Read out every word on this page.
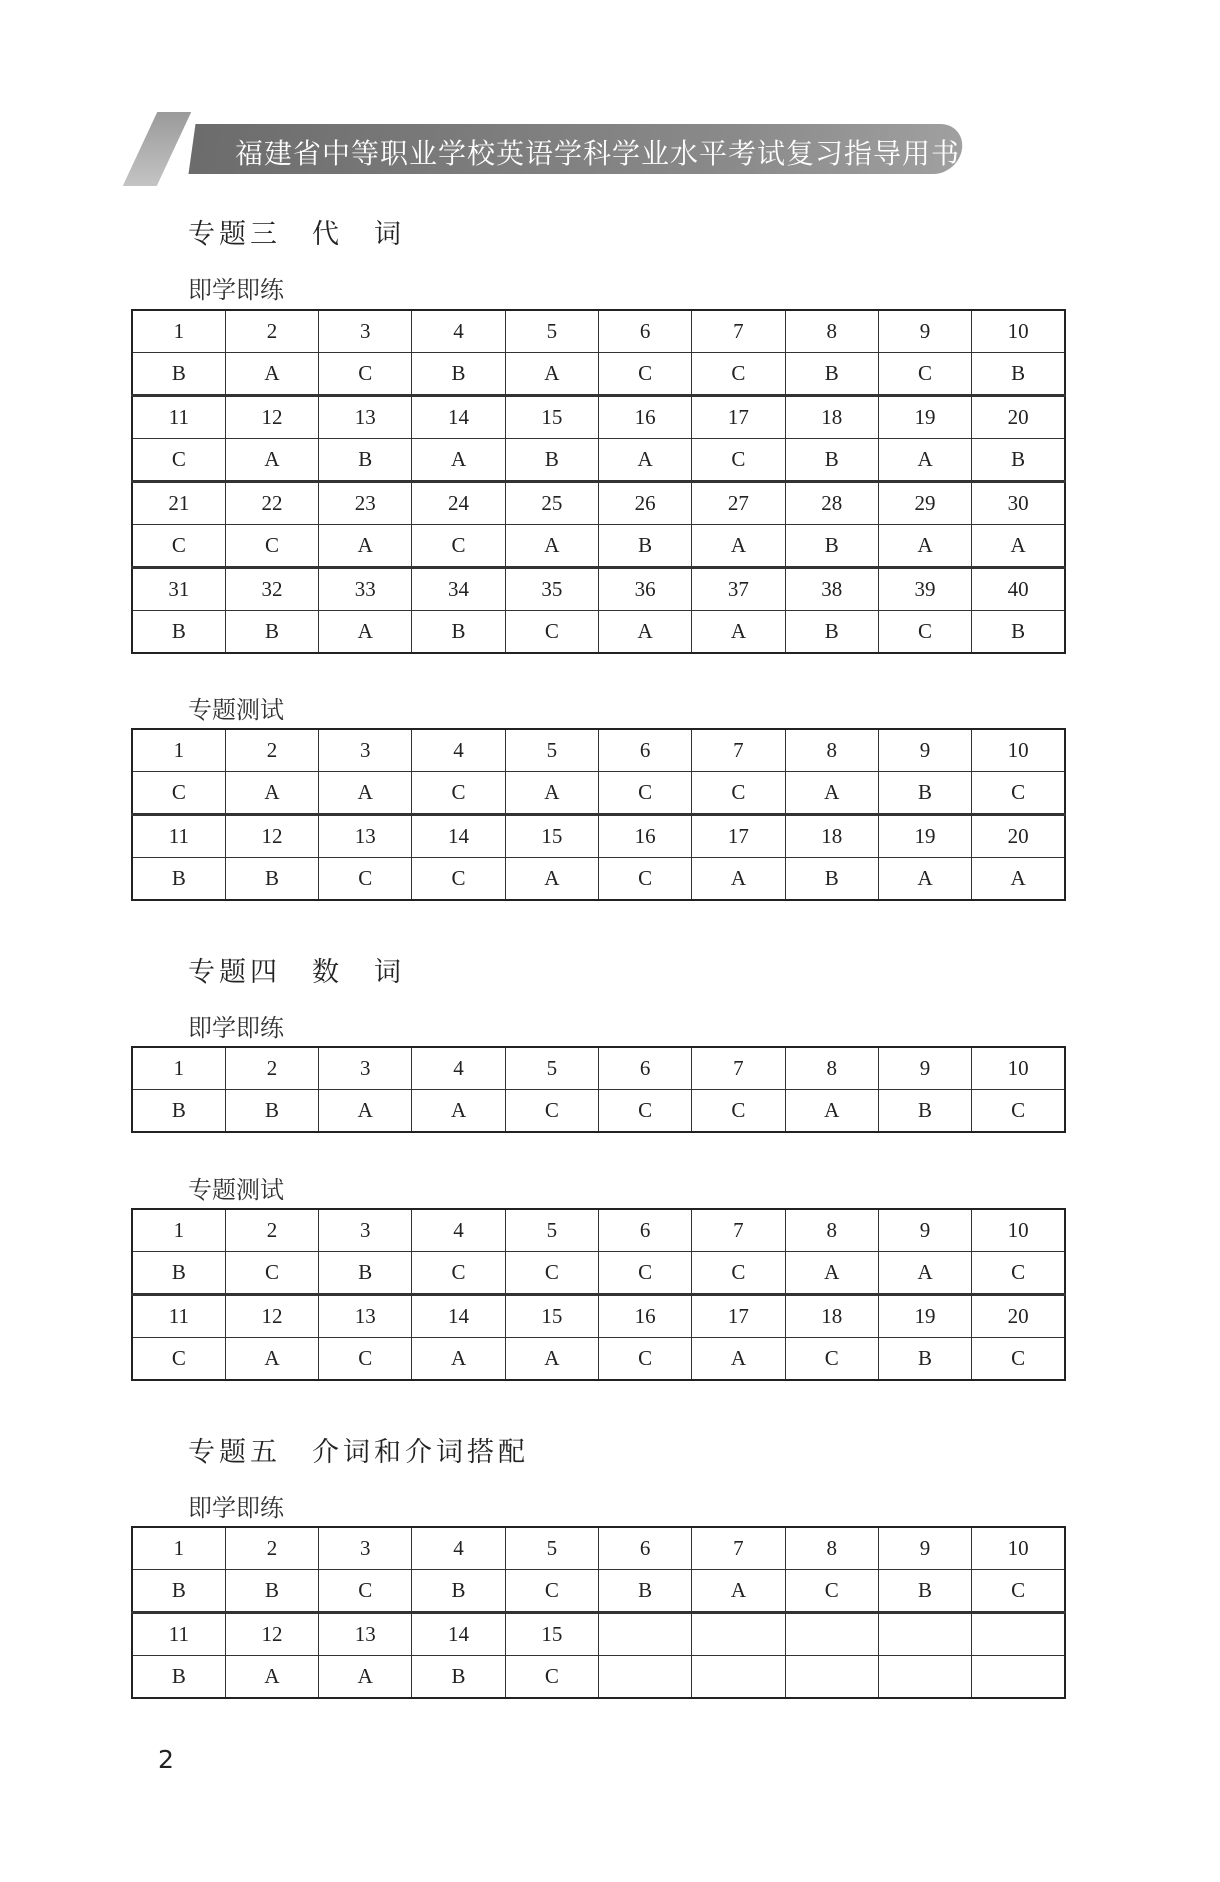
福建省中等职业学校英语学科学业水平考试复习指导用书
专题三　代　词
即学即练
1	2	3	4	5	6	7	8	9	10
B	A	C	B	A	C	C	B	C	B
11	12	13	14	15	16	17	18	19	20
C	A	B	A	B	A	C	B	A	B
21	22	23	24	25	26	27	28	29	30
C	C	A	C	A	B	A	B	A	A
31	32	33	34	35	36	37	38	39	40
B	B	A	B	C	A	A	B	C	B
专题测试
1	2	3	4	5	6	7	8	9	10
C	A	A	C	A	C	C	A	B	C
11	12	13	14	15	16	17	18	19	20
B	B	C	C	A	C	A	B	A	A
专题四　数　词
即学即练
1	2	3	4	5	6	7	8	9	10
B	B	A	A	C	C	C	A	B	C
专题测试
1	2	3	4	5	6	7	8	9	10
B	C	B	C	C	C	C	A	A	C
11	12	13	14	15	16	17	18	19	20
C	A	C	A	A	C	A	C	B	C
专题五　介词和介词搭配
即学即练
1	2	3	4	5	6	7	8	9	10
B	B	C	B	C	B	A	C	B	C
11	12	13	14	15					
B	A	A	B	C					
2
